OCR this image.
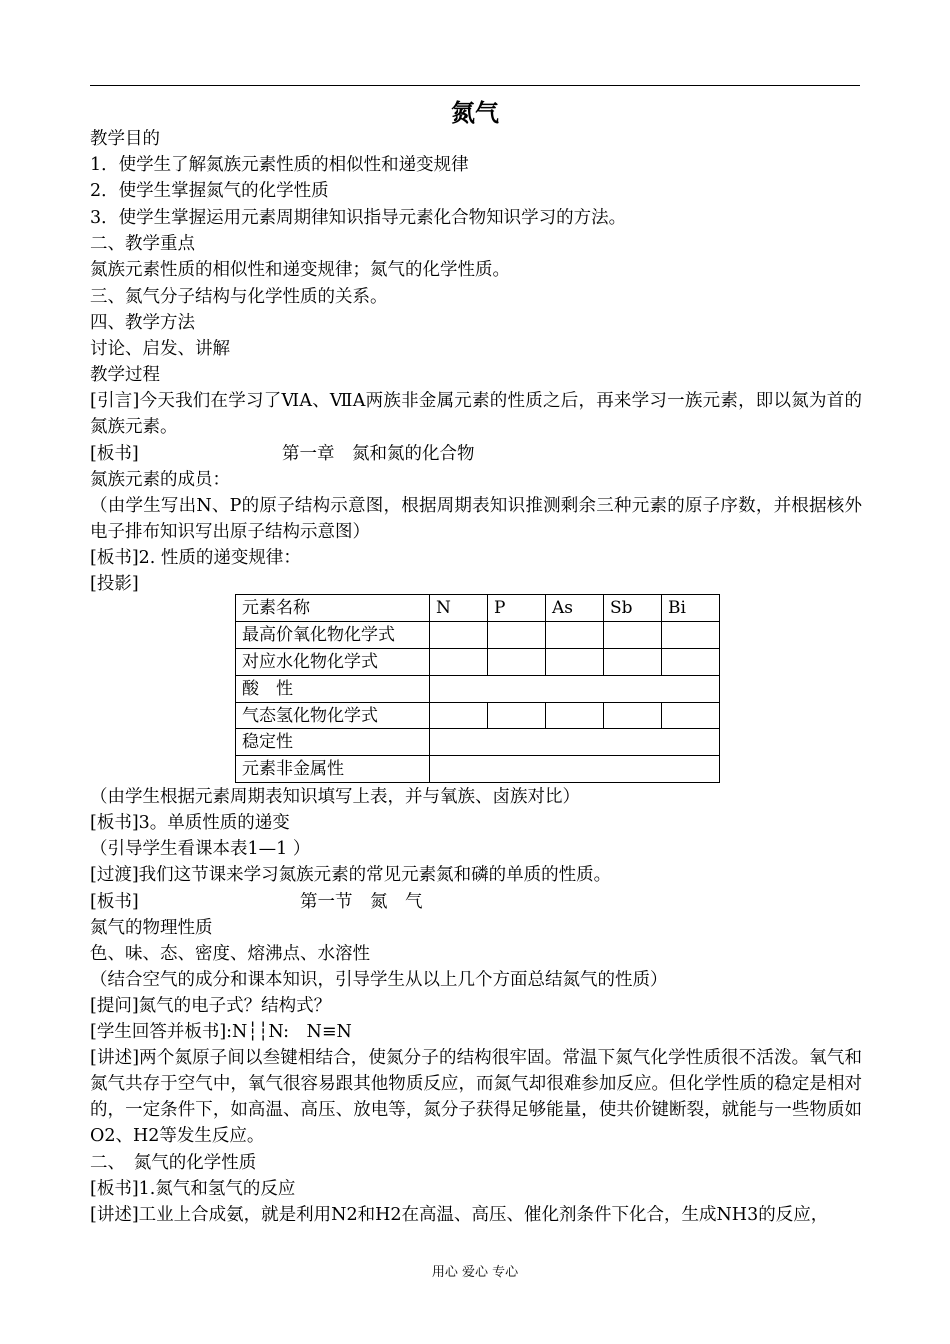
氮气
教学目的
1．使学生了解氮族元素性质的相似性和递变规律
2．使学生掌握氮气的化学性质
3．使学生掌握运用元素周期律知识指导元素化合物知识学习的方法。
二、教学重点
氮族元素性质的相似性和递变规律；氮气的化学性质。
三、氮气分子结构与化学性质的关系。
四、教学方法
讨论、启发、讲解
教学过程
[引言]今天我们在学习了ⅥA、ⅦA两族非金属元素的性质之后，再来学习一族元素，即以氮为首的氮族元素。
[板书]	第一章　氮和氮的化合物
氮族元素的成员：
（由学生写出N、P的原子结构示意图，根据周期表知识推测剩余三种元素的原子序数，并根据核外电子排布知识写出原子结构示意图）
[板书]2. 性质的递变规律：
[投影]
元素名称	N	P	As	Sb	Bi
最高价氧化物化学式					
对应水化物化学式					
酸　性					
气态氢化物化学式					
稳定性					
元素非金属性					
（由学生根据元素周期表知识填写上表，并与氧族、卤族对比）
[板书]3。单质性质的递变
（引导学生看课本表1—1 ）
[过渡]我们这节课来学习氮族元素的常见元素氮和磷的单质的性质。
[板书]	第一节　氮　气
氮气的物理性质
色、味、态、密度、熔沸点、水溶性
（结合空气的成分和课本知识，引导学生从以上几个方面总结氮气的性质）
[提问]氮气的电子式？结构式？
[学生回答并板书]:N┆┆N:　N≡N
[讲述]两个氮原子间以叁键相结合，使氮分子的结构很牢固。常温下氮气化学性质很不活泼。氧气和氮气共存于空气中，氧气很容易跟其他物质反应，而氮气却很难参加反应。但化学性质的稳定是相对的，一定条件下，如高温、高压、放电等，氮分子获得足够能量，使共价键断裂，就能与一些物质如O2、H2等发生反应。
二、　氮气的化学性质
[板书]1.氮气和氢气的反应
[讲述]工业上合成氨，就是利用N2和H2在高温、高压、催化剂条件下化合，生成NH3的反应，
用心 爱心 专心
